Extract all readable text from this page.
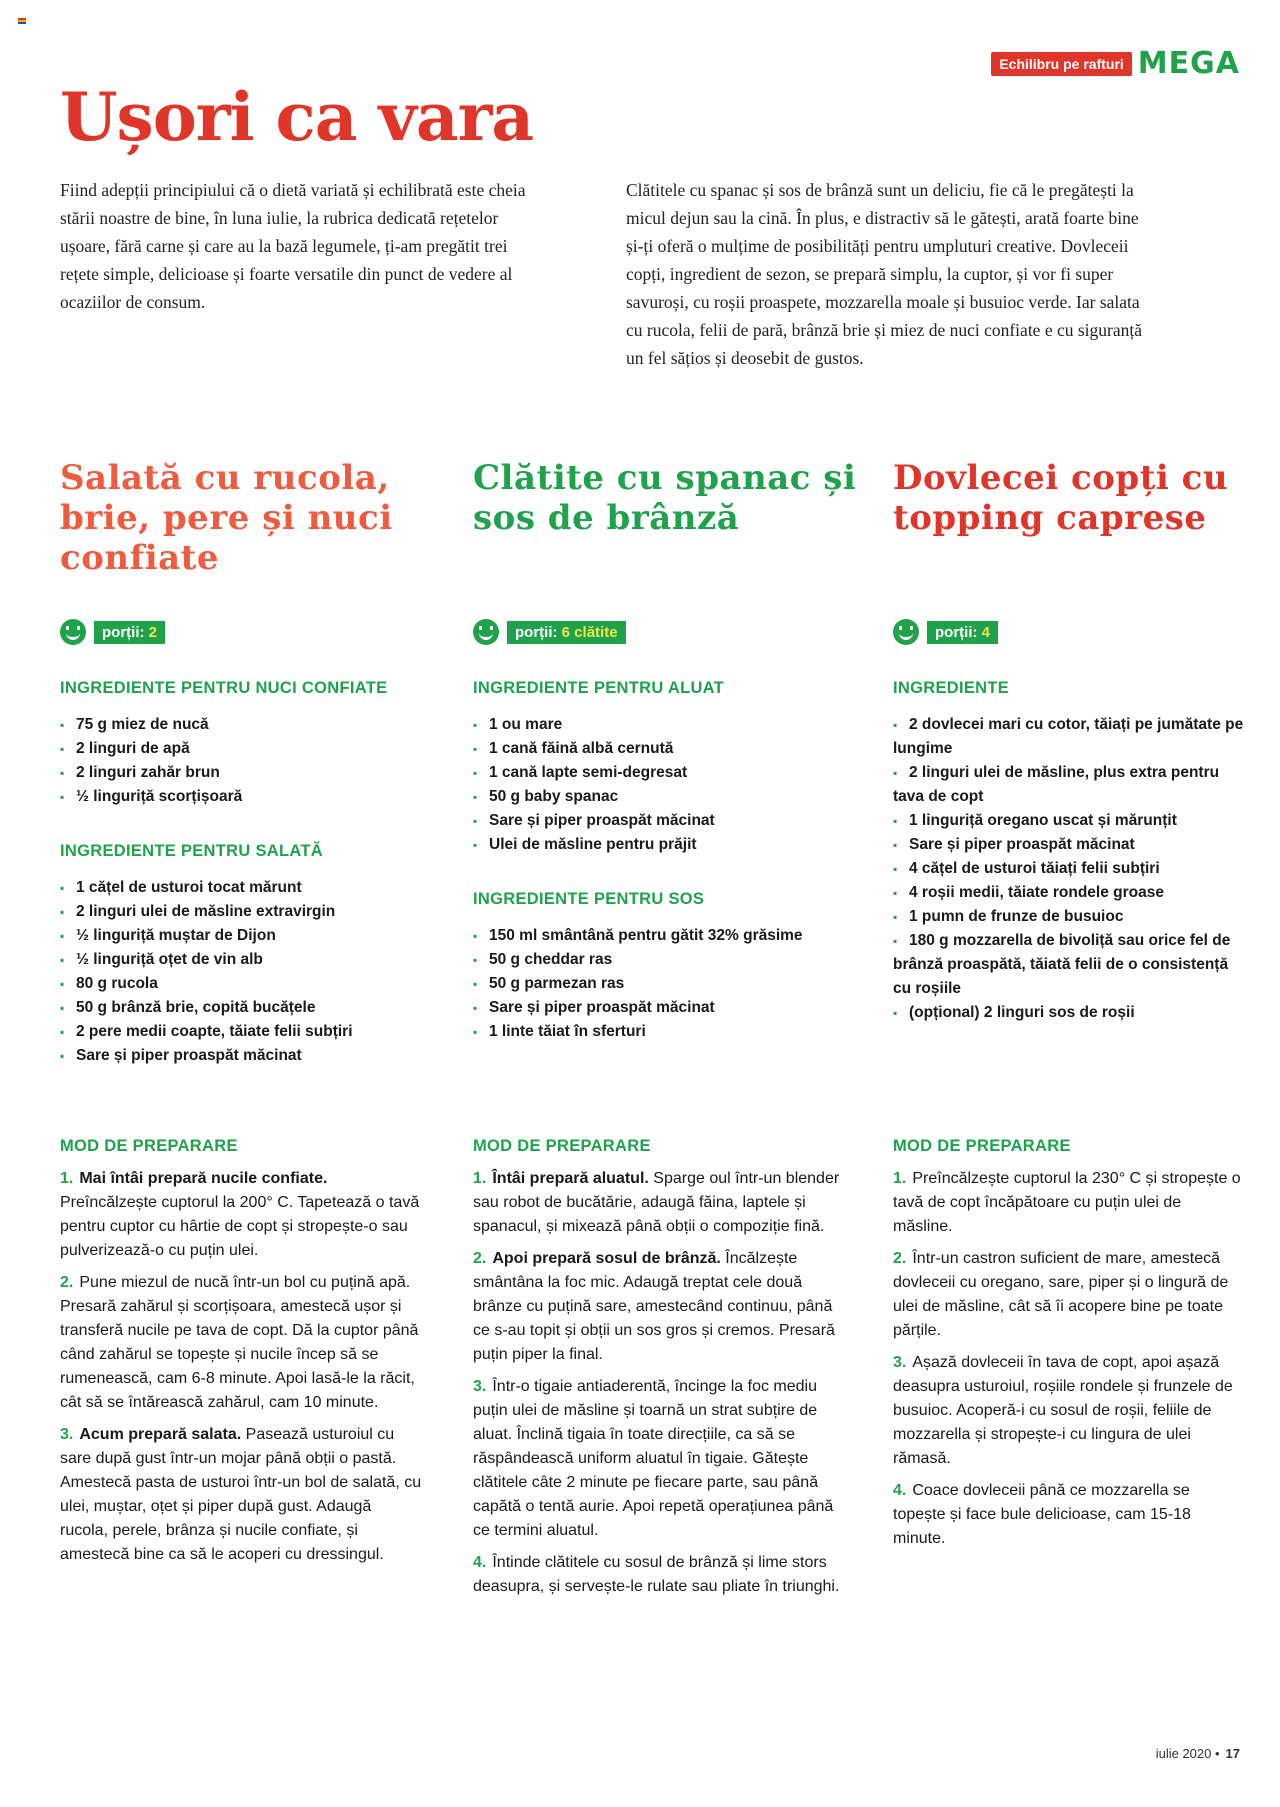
Echilibru pe rafturi MEGA
Ușori ca vara

Fiind adepții principiului că o dietă variată și echilibrată este cheia stării noastre de bine, în luna iulie, la rubrica dedicată rețetelor ușoare, fără carne și care au la bază legumele, ți-am pregătit trei rețete simple, delicioase și foarte versatile din punct de vedere al ocaziilor de consum.

Clătitele cu spanac și sos de brânză sunt un deliciu, fie că le pregătești la micul dejun sau la cină. În plus, e distractiv să le gătești, arată foarte bine și-ți oferă o mulțime de posibilități pentru umpluturi creative. Dovleceii copți, ingredient de sezon, se prepară simplu, la cuptor, și vor fi super savuroși, cu roșii proaspete, mozzarella moale și busuioc verde. Iar salata cu rucola, felii de pară, brânză brie și miez de nuci confiate e cu siguranță un fel sățios și deosebit de gustos.

Salată cu rucola, brie, pere și nuci confiate
porții: 2
INGREDIENTE PENTRU NUCI CONFIATE
▪ 75 g miez de nucă
▪ 2 linguri de apă
▪ 2 linguri zahăr brun
▪ ½ linguriță scorțișoară
INGREDIENTE PENTRU SALATĂ
▪ 1 cățel de usturoi tocat mărunt
▪ 2 linguri ulei de măsline extravirgin
▪ ½ linguriță muștar de Dijon
▪ ½ linguriță oțet de vin alb
▪ 80 g rucola
▪ 50 g brânză brie, copită bucățele
▪ 2 pere medii coapte, tăiate felii subțiri
▪ Sare și piper proaspăt măcinat
Clătite cu spanac și sos de brânză
porții: 6 clătite
INGREDIENTE PENTRU ALUAT
▪ 1 ou mare
▪ 1 cană făină albă cernută
▪ 1 cană lapte semi-degresat
▪ 50 g baby spanac
▪ Sare și piper proaspăt măcinat
▪ Ulei de măsline pentru prăjit
INGREDIENTE PENTRU SOS
▪ 150 ml smântână pentru gătit 32% grăsime
▪ 50 g cheddar ras
▪ 50 g parmezan ras
▪ Sare și piper proaspăt măcinat
▪ 1 linte tăiat în sferturi
Dovlecei copți cu topping caprese
porții: 4
INGREDIENTE
▪ 2 dovlecei mari cu cotor, tăiați pe jumătate pe lungime
▪ 2 linguri ulei de măsline, plus extra pentru tava de copt
▪ 1 linguriță oregano uscat și mărunțit
▪ Sare și piper proaspăt măcinat
▪ 4 cățel de usturoi tăiați felii subțiri
▪ 4 roșii medii, tăiate rondele groase
▪ 1 pumn de frunze de busuioc
▪ 180 g mozzarella de bivoliță sau orice fel de brânză proaspătă, tăiată felii de o consistență cu roșiile
▪ (opțional) 2 linguri sos de roșii
MOD DE PREPARARE

1. Mai întâi prepară nucile confiate. Preîncălzește cuptorul la 200° C. Tapetează o tavă pentru cuptor cu hârtie de copt și stropește-o sau pulverizează-o cu puțin ulei.

2. Pune miezul de nucă într-un bol cu puțină apă. Presară zahărul și scorțișoara, amestecă ușor și transferă nucile pe tava de copt. Dă la cuptor până când zahărul se topește și nucile încep să se rumenească, cam 6-8 minute. Apoi lasă-le la răcit, cât să se întărească zahărul, cam 10 minute.

3. Acum prepară salata. Pasează usturoiul cu sare după gust într-un mojar până obții o pastă. Amestecă pasta de usturoi într-un bol de salată, cu ulei, muștar, oțet și piper după gust. Adaugă rucola, perele, brânza și nucile confiate, și amestecă bine ca să le acoperi cu dressingul.

MOD DE PREPARARE

1. Întâi prepară aluatul. Sparge oul într-un blender sau robot de bucătărie, adaugă făina, laptele și spanacul, și mixează până obții o compoziție fină.

2. Apoi prepară sosul de brânză. Încălzește smântâna la foc mic. Adaugă treptat cele două brânze cu puțină sare, amestecând continuu, până ce s-au topit și obții un sos gros și cremos. Presară puțin piper la final.

3. Într-o tigaie antiaderentă, încinge la foc mediu puțin ulei de măsline și toarnă un strat subțire de aluat. Înclină tigaia în toate direcțiile, ca să se răspândească uniform aluatul în tigaie. Gătește clătitele câte 2 minute pe fiecare parte, sau până capătă o tentă aurie. Apoi repetă operațiunea până ce termini aluatul.

4. Întinde clătitele cu sosul de brânză și lime stors deasupra, și servește-le rulate sau pliate în triunghi.

MOD DE PREPARARE

1. Preîncălzește cuptorul la 230° C și stropește o tavă de copt încăpătoare cu puțin ulei de măsline.

2. Într-un castron suficient de mare, amestecă dovleceii cu oregano, sare, piper și o lingură de ulei de măsline, cât să îi acopere bine pe toate părțile.

3. Așază dovleceii în tava de copt, apoi așază deasupra usturoiul, roșiile rondele și frunzele de busuioc. Acoperă-i cu sosul de roșii, feliile de mozzarella și stropește-i cu lingura de ulei rămasă.

4. Coace dovleceii până ce mozzarella se topește și face bule delicioase, cam 15-18 minute.

iulie 2020 • 17
